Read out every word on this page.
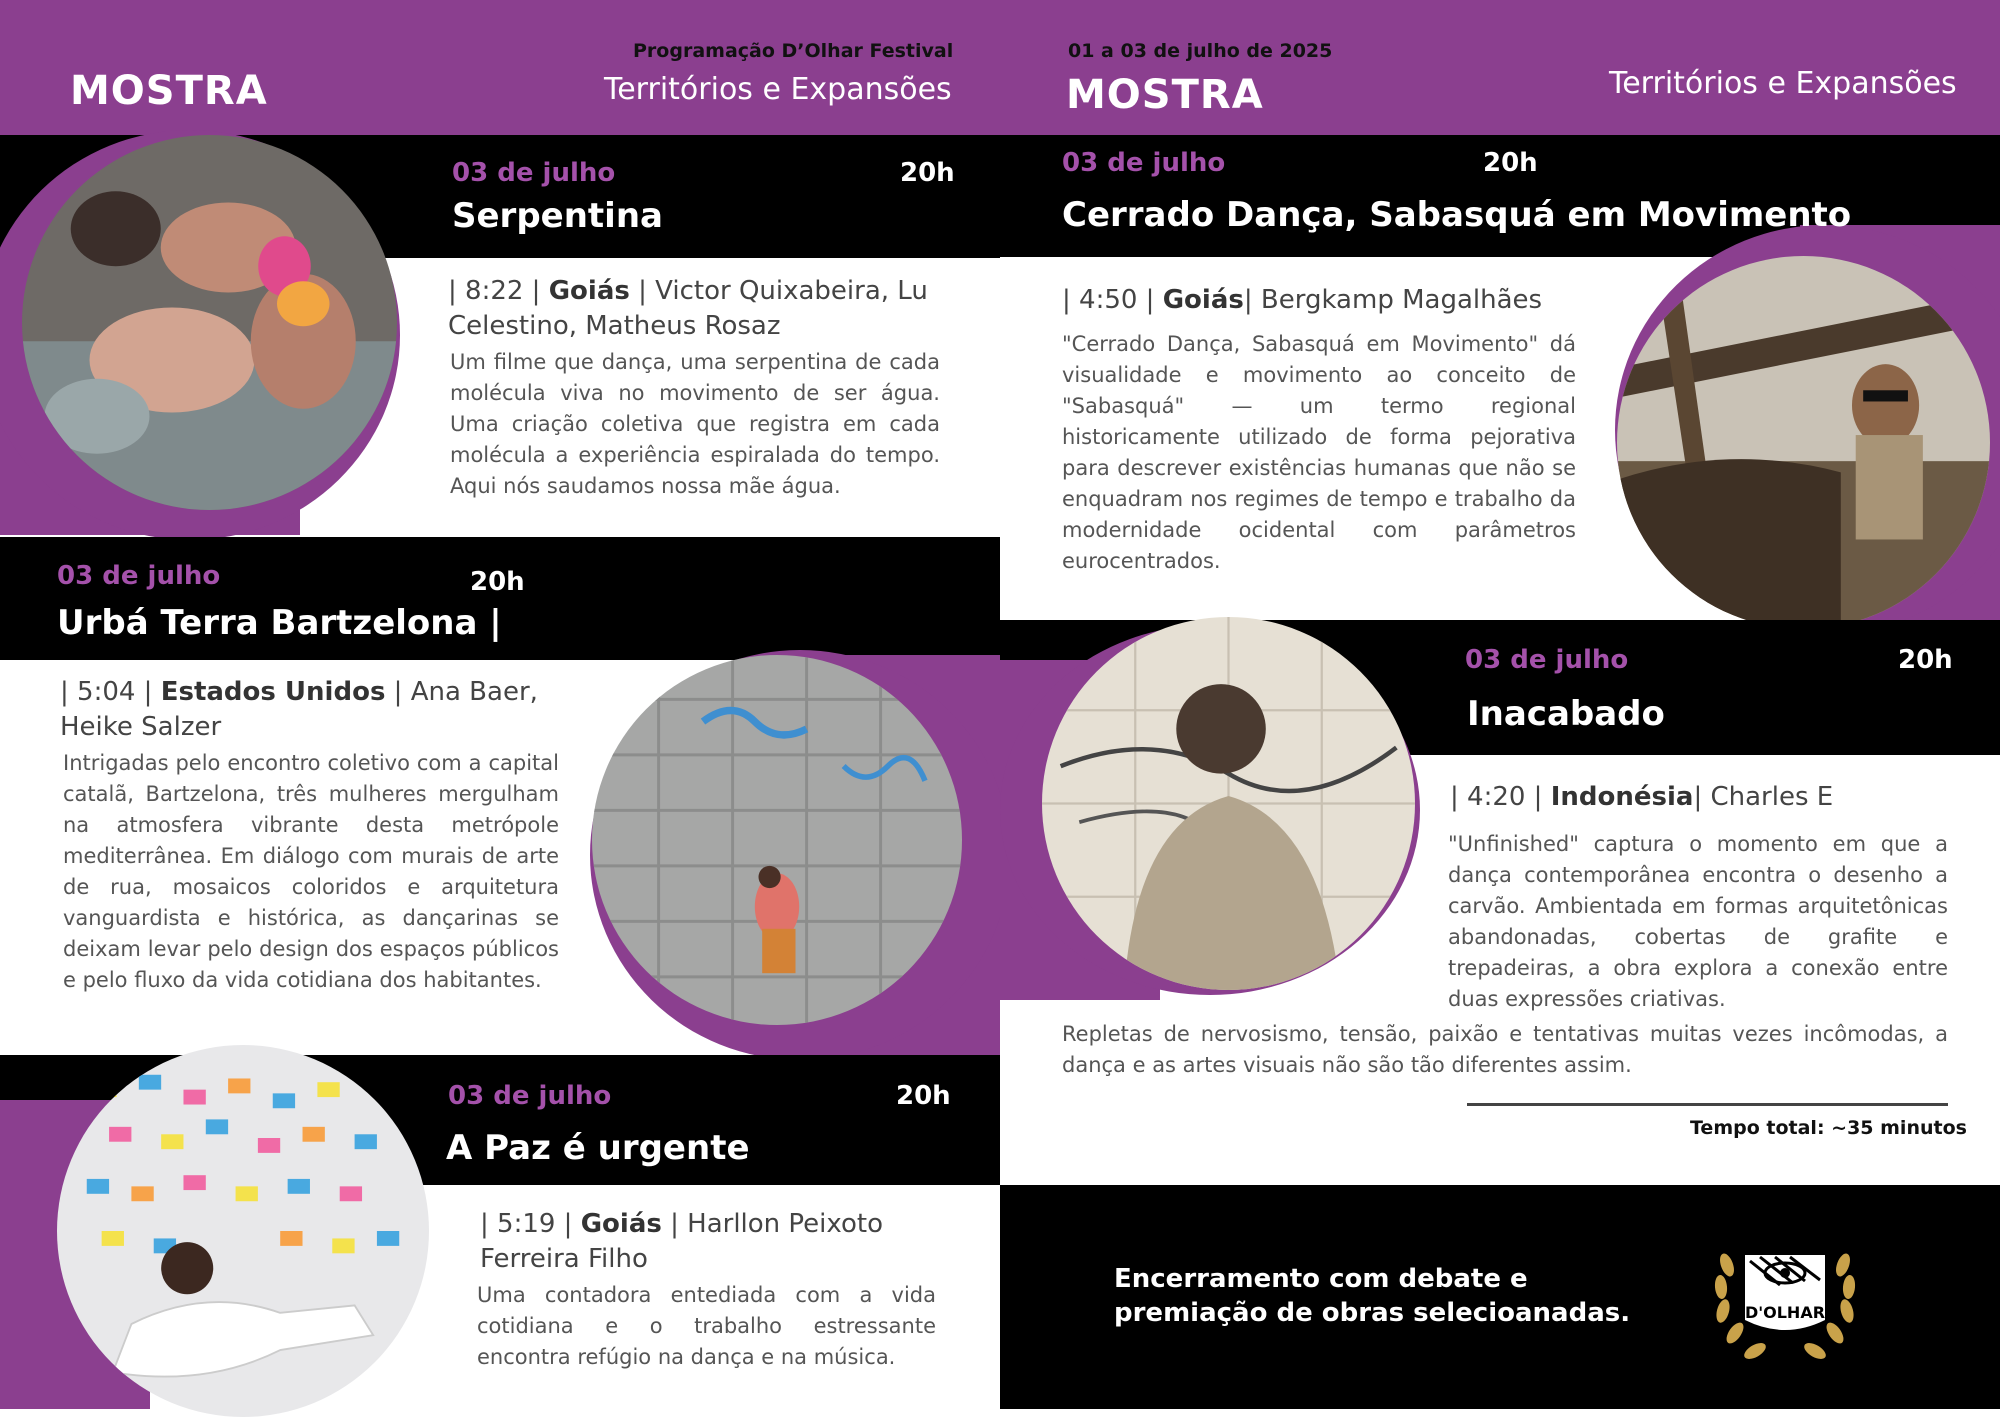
MOSTRA
Programação D’Olhar Festival
Territórios e Expansões
03 de julho	20h
Serpentina
| 8:22 | Goiás | Victor Quixabeira, Lu Celestino, Matheus Rosaz
Um filme que dança, uma serpentina de cada molécula viva no movimento de ser água. Uma criação coletiva que registra em cada molécula a experiência espiralada do tempo. Aqui nós saudamos nossa mãe água.
03 de julho	20h
Urbá Terra Bartzelona |
| 5:04 | Estados Unidos | Ana Baer, Heike Salzer
Intrigadas pelo encontro coletivo com a capital catalã, Bartzelona, três mulheres mergulham na atmosfera vibrante desta metrópole mediterrânea. Em diálogo com murais de arte de rua, mosaicos coloridos e arquitetura vanguardista e histórica, as dançarinas se deixam levar pelo design dos espaços públicos e pelo fluxo da vida cotidiana dos habitantes.
03 de julho	20h
A Paz é urgente
| 5:19 | Goiás | Harllon Peixoto Ferreira Filho
Uma contadora entediada com a vida cotidiana e o trabalho estressante encontra refúgio na dança e na música.
01 a 03 de julho de 2025
MOSTRA	Territórios e Expansões
03 de julho	20h
Cerrado Dança, Sabasquá em Movimento
| 4:50 | Goiás| Bergkamp Magalhães
"Cerrado Dança, Sabasquá em Movimento" dá visualidade e movimento ao conceito de "Sabasquá" — um termo regional historicamente utilizado de forma pejorativa para descrever existências humanas que não se enquadram nos regimes de tempo e trabalho da modernidade ocidental com parâmetros eurocentrados.
03 de julho	20h
Inacabado
| 4:20 | Indonésia| Charles E
"Unfinished" captura o momento em que a dança contemporânea encontra o desenho a carvão. Ambientada em formas arquitetônicas abandonadas, cobertas de grafite e trepadeiras, a obra explora a conexão entre duas expressões criativas.
Repletas de nervosismo, tensão, paixão e tentativas muitas vezes incômodas, a dança e as artes visuais não são tão diferentes assim.
Tempo total: ~35 minutos
Encerramento com debate e premiação de obras selecioanadas.	D'OLHAR
